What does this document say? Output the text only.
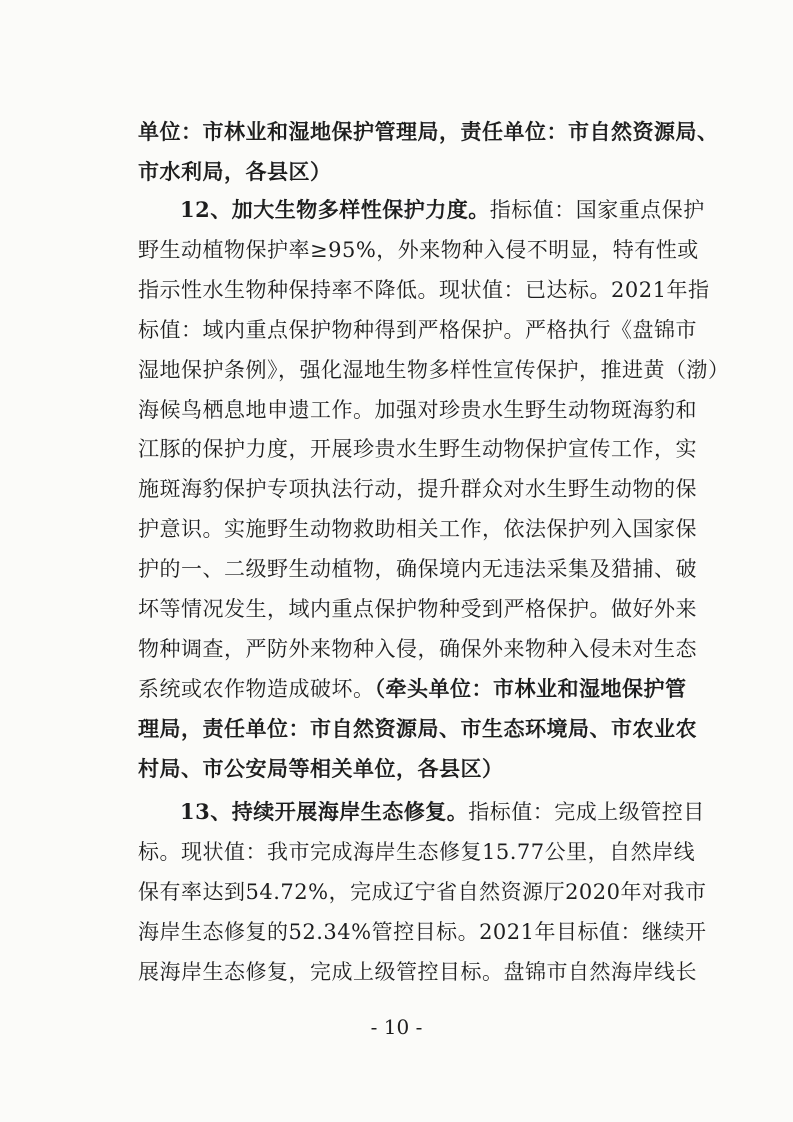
单位：市林业和湿地保护管理局，责任单位：市自然资源局、
市水利局，各县区）
12、加大生物多样性保护力度。指标值：国家重点保护
野生动植物保护率≥95%，外来物种入侵不明显，特有性或
指示性水生物种保持率不降低。现状值：已达标。2021年指
标值：域内重点保护物种得到严格保护。严格执行《盘锦市
湿地保护条例》，强化湿地生物多样性宣传保护，推进黄（渤）
海候鸟栖息地申遗工作。加强对珍贵水生野生动物斑海豹和
江豚的保护力度，开展珍贵水生野生动物保护宣传工作，实
施斑海豹保护专项执法行动，提升群众对水生野生动物的保
护意识。实施野生动物救助相关工作，依法保护列入国家保
护的一、二级野生动植物，确保境内无违法采集及猎捕、破
坏等情况发生，域内重点保护物种受到严格保护。做好外来
物种调查，严防外来物种入侵，确保外来物种入侵未对生态
系统或农作物造成破坏。（牵头单位：市林业和湿地保护管
理局，责任单位：市自然资源局、市生态环境局、市农业农
村局、市公安局等相关单位，各县区）
13、持续开展海岸生态修复。指标值：完成上级管控目
标。现状值：我市完成海岸生态修复15.77公里，自然岸线
保有率达到54.72%，完成辽宁省自然资源厅2020年对我市
海岸生态修复的52.34%管控目标。2021年目标值：继续开
展海岸生态修复，完成上级管控目标。盘锦市自然海岸线长
- 10 -
